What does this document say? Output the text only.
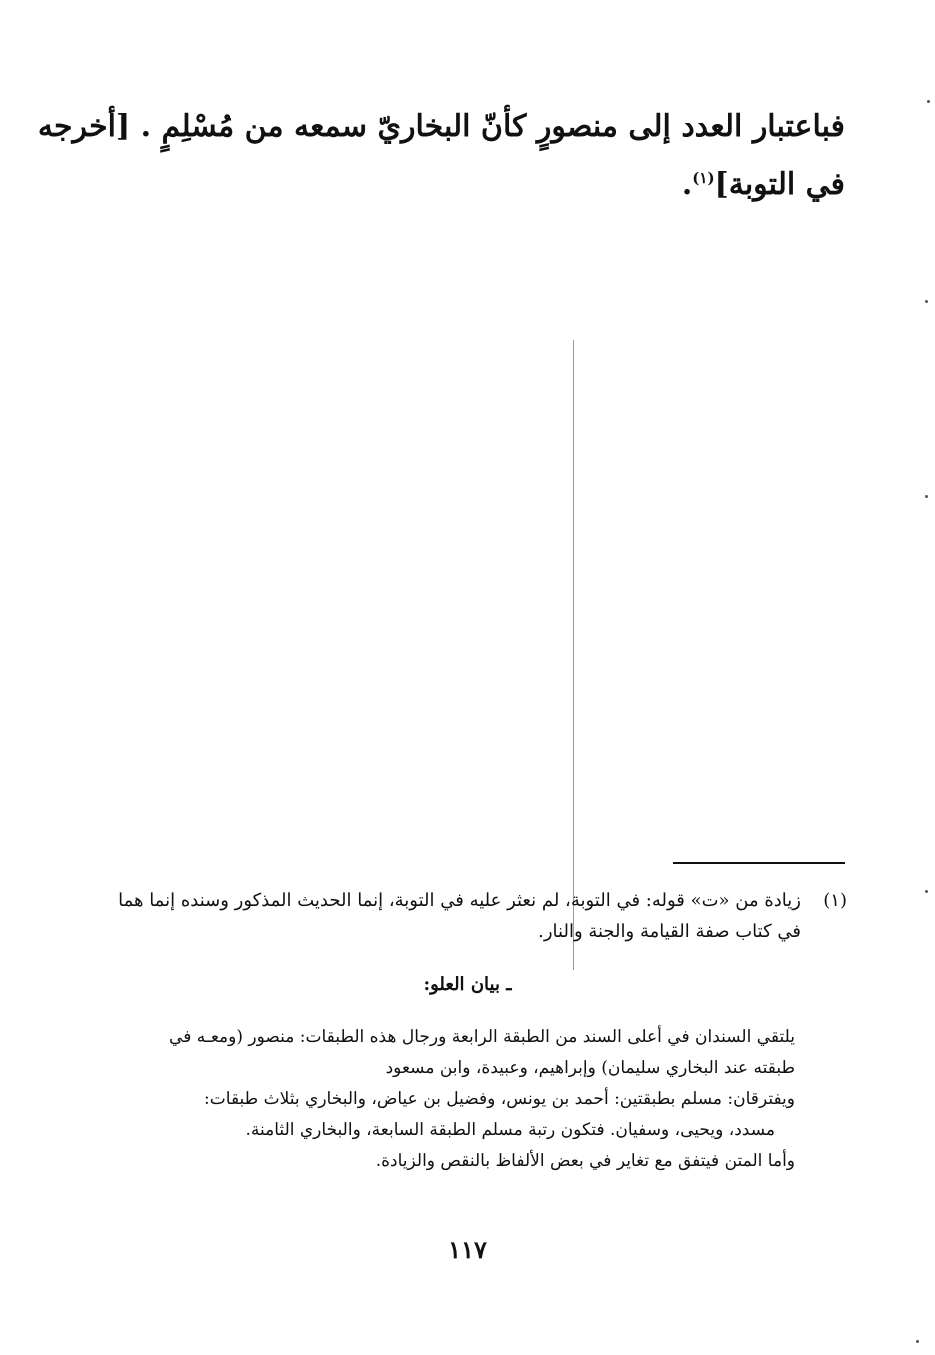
فباعتبار العدد إلى منصورٍ كأنّ البخاريّ سمعه من مُسْلِمٍ . [أخرجه
في التوبة]$^{(١)}$.
(١)
زيادة من «ت» قوله: في التوبة، لم نعثر عليه في التوبة، إنما الحديث المذكور وسنده إنما هما
في كتاب صفة القيامة والجنة والنار.
ـ بيان العلو:
يلتقي السندان في أعلى السند من الطبقة الرابعة ورجال هذه الطبقات: منصور (ومعـه في
طبقته عند البخاري سليمان) وإبراهيم، وعبيدة، وابن مسعود
ويفترقان: مسلم بطبقتين: أحمد بن يونس، وفضيل بن عياض، والبخاري بثلاث طبقات:
مسدد، ويحيى، وسفيان. فتكون رتبة مسلم الطبقة السابعة، والبخاري الثامنة.
وأما المتن فيتفق مع تغاير في بعض الألفاظ بالنقص والزيادة.
١١٧
